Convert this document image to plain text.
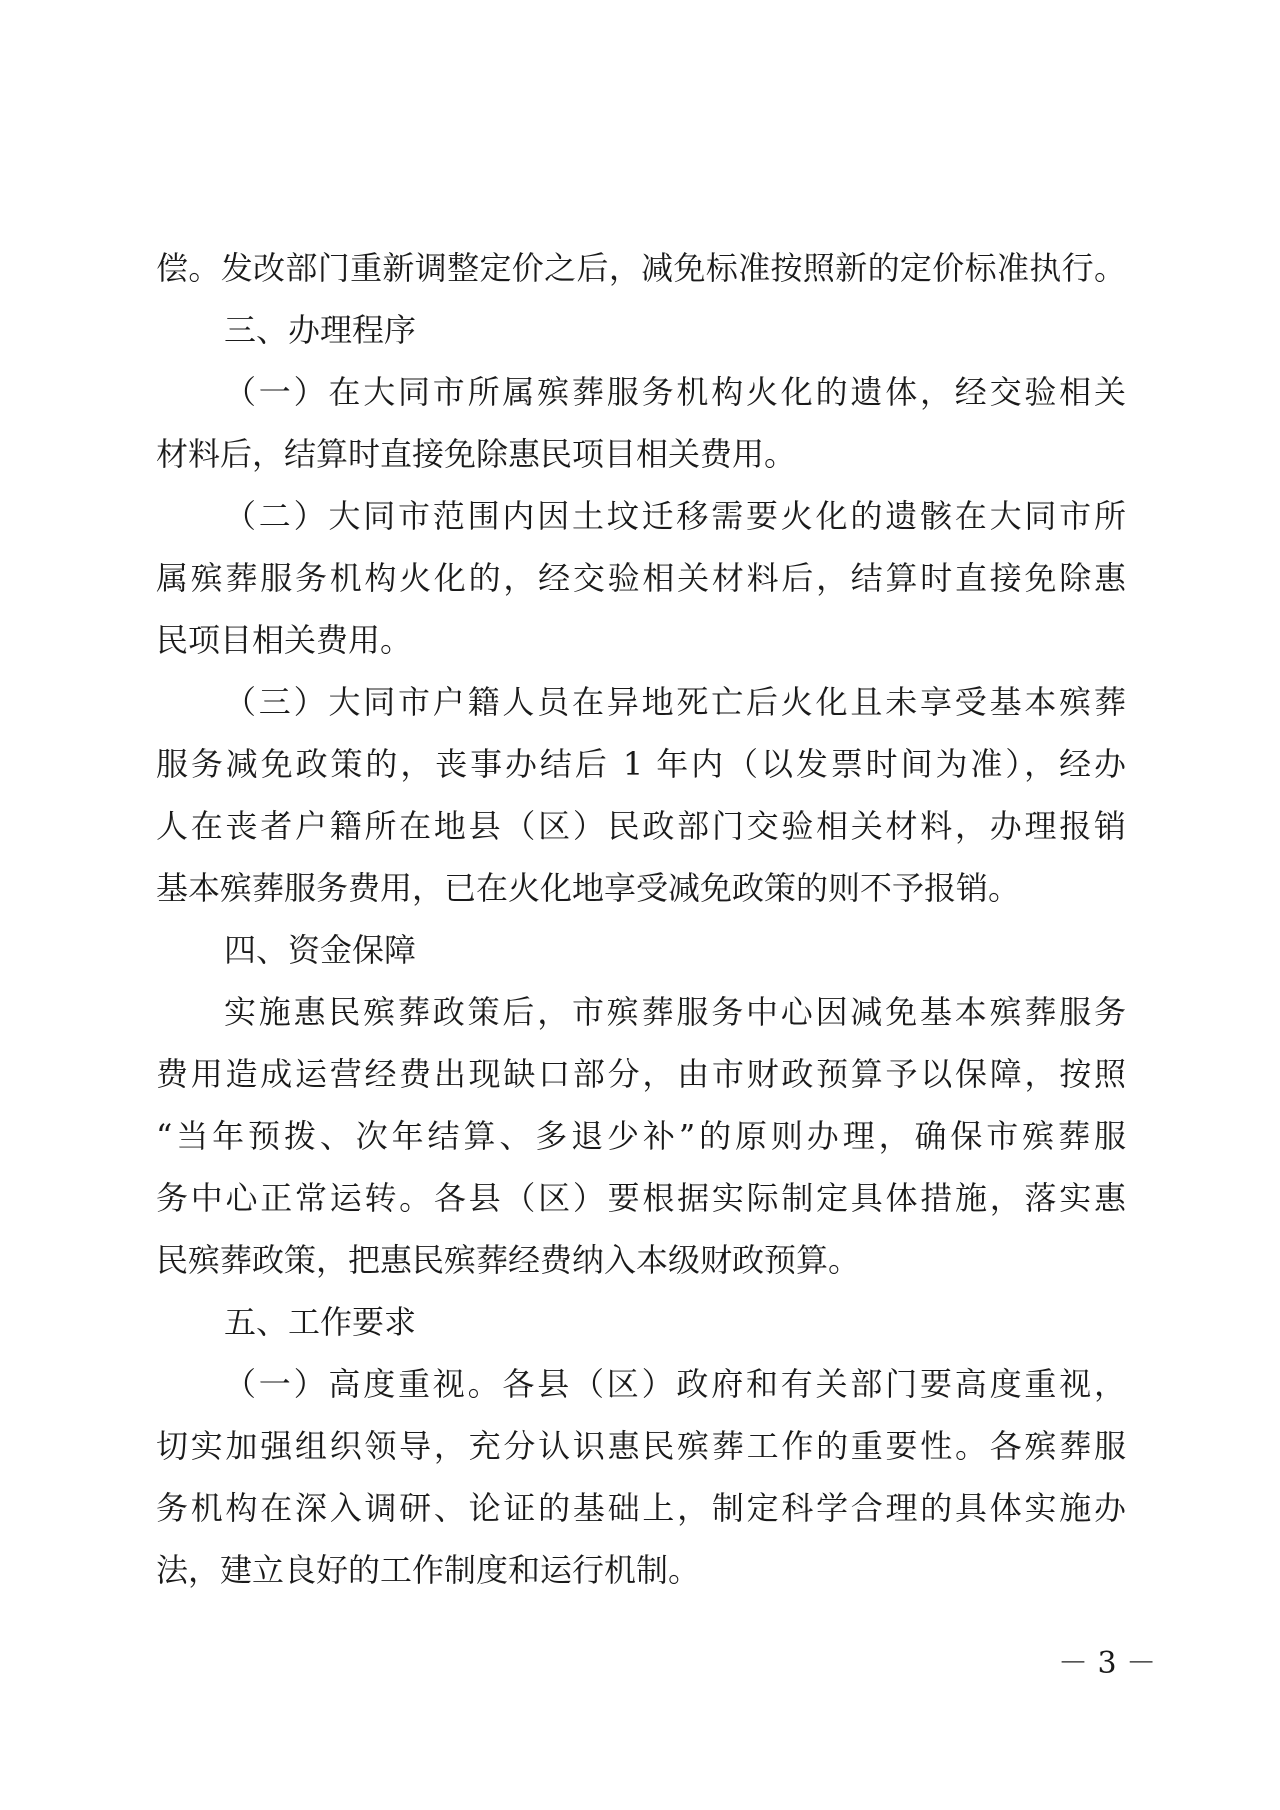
偿。发改部门重新调整定价之后，减免标准按照新的定价标准执行。
三、办理程序
（一）在大同市所属殡葬服务机构火化的遗体，经交验相关
材料后，结算时直接免除惠民项目相关费用。
（二）大同市范围内因土坟迁移需要火化的遗骸在大同市所
属殡葬服务机构火化的，经交验相关材料后，结算时直接免除惠
民项目相关费用。
（三）大同市户籍人员在异地死亡后火化且未享受基本殡葬
服务减免政策的，丧事办结后 1 年内（以发票时间为准），经办
人在丧者户籍所在地县（区）民政部门交验相关材料，办理报销
基本殡葬服务费用，已在火化地享受减免政策的则不予报销。
四、资金保障
实施惠民殡葬政策后，市殡葬服务中心因减免基本殡葬服务
费用造成运营经费出现缺口部分，由市财政预算予以保障，按照
“当年预拨、次年结算、多退少补”的原则办理，确保市殡葬服
务中心正常运转。各县（区）要根据实际制定具体措施，落实惠
民殡葬政策，把惠民殡葬经费纳入本级财政预算。
五、工作要求
（一）高度重视。各县（区）政府和有关部门要高度重视，
切实加强组织领导，充分认识惠民殡葬工作的重要性。各殡葬服
务机构在深入调研、论证的基础上，制定科学合理的具体实施办
法，建立良好的工作制度和运行机制。
－ 3 －
